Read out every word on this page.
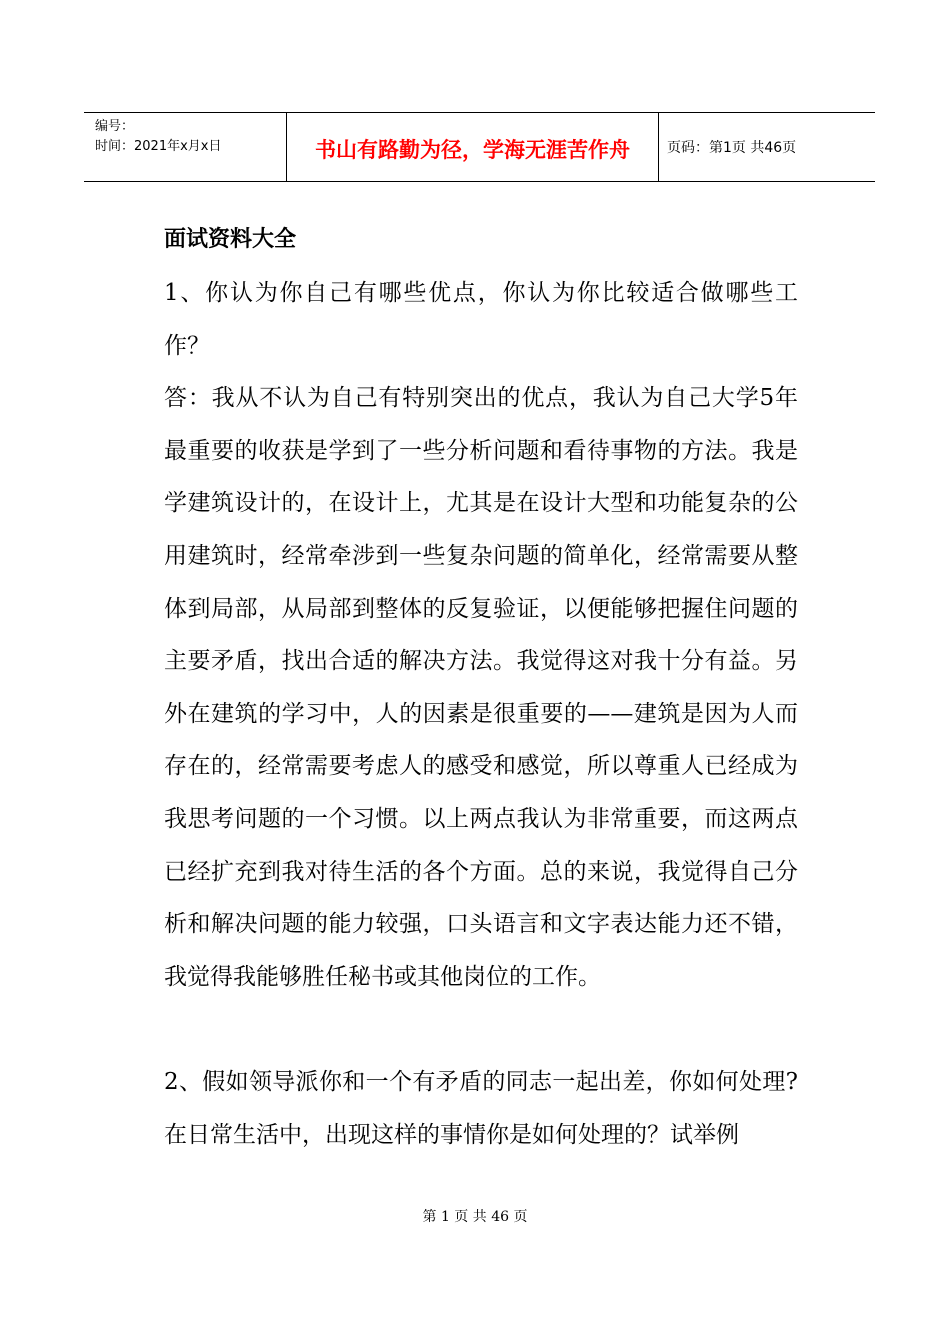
编号：
时间：2021年x月x日	书山有路勤为径，学海无涯苦作舟	页码：第1页 共46页
面试资料大全

1、你认为你自己有哪些优点，你认为你比较适合做哪些工作？

答：我从不认为自己有特别突出的优点，我认为自己大学5年最重要的收获是学到了一些分析问题和看待事物的方法。我是学建筑设计的，在设计上，尤其是在设计大型和功能复杂的公用建筑时，经常牵涉到一些复杂问题的简单化，经常需要从整体到局部，从局部到整体的反复验证，以便能够把握住问题的主要矛盾，找出合适的解决方法。我觉得这对我十分有益。另外在建筑的学习中，人的因素是很重要的——建筑是因为人而存在的，经常需要考虑人的感受和感觉，所以尊重人已经成为我思考问题的一个习惯。以上两点我认为非常重要，而这两点已经扩充到我对待生活的各个方面。总的来说，我觉得自己分析和解决问题的能力较强，口头语言和文字表达能力还不错，我觉得我能够胜任秘书或其他岗位的工作。

2、假如领导派你和一个有矛盾的同志一起出差，你如何处理?在日常生活中，出现这样的事情你是如何处理的？试举例

第 1 页 共 46 页
